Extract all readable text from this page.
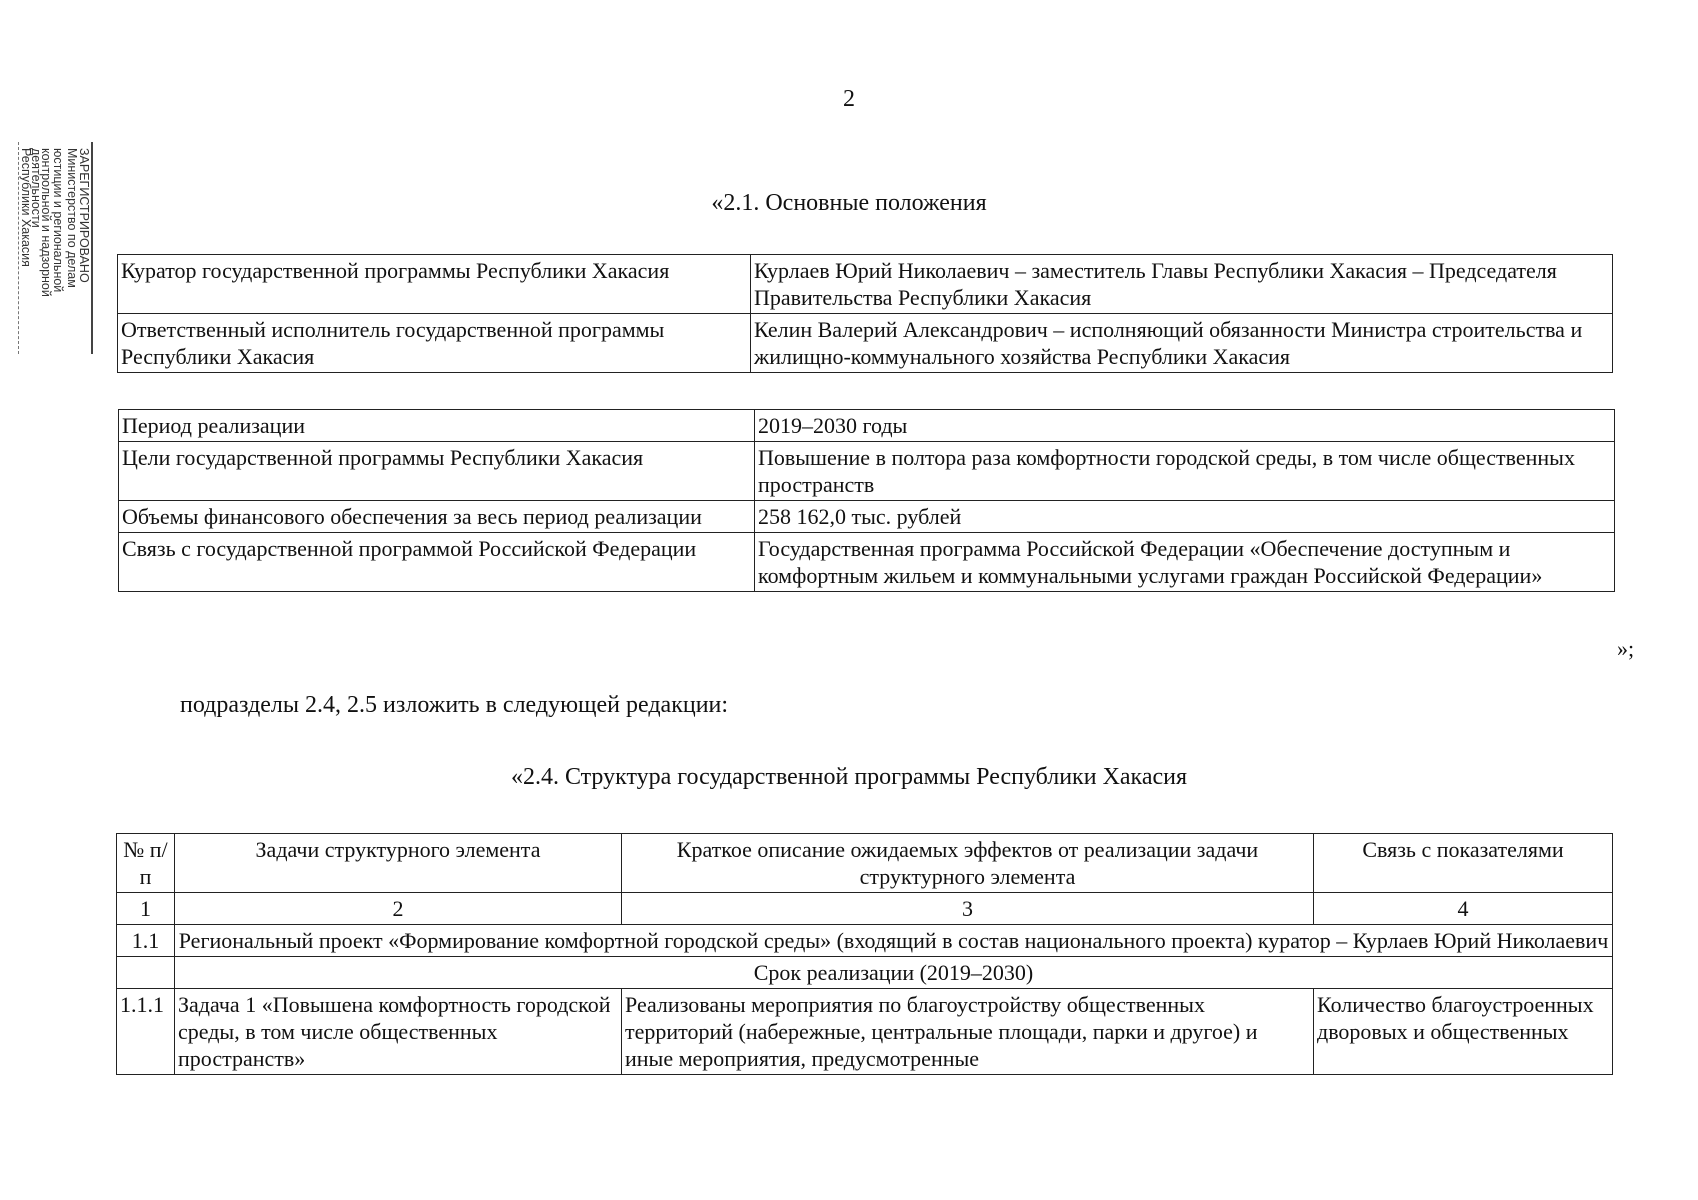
2
Министерство по делам
юстиции и региональной
контрольной и надзорной
деятельности
Республики Хакасия	ЗАРЕГИСТРИРОВАНО	«2.1. Основные положения
Куратор государственной программы Республики Хакасия	Курлаев Юрий Николаевич – заместитель Главы Республики Хакасия – Председателя Правительства Республики Хакасия
Ответственный исполнитель государственной программы Республики Хакасия	Келин Валерий Александрович – исполняющий обязанности Министра строительства и жилищно-коммунального хозяйства Республики Хакасия
Период реализации	2019–2030 годы
Цели государственной программы Республики Хакасия	Повышение в полтора раза комфортности городской среды, в том числе общественных пространств
Объемы финансового обеспечения за весь период реализации	258 162,0 тыс. рублей
Связь с государственной программой Российской Федерации	Государственная программа Российской Федерации «Обеспечение доступным и комфортным жильем и коммунальными услугами граждан Российской Федерации»
»;
подразделы 2.4, 2.5 изложить в следующей редакции:
«2.4. Структура государственной программы Республики Хакасия
№ п/п	Задачи структурного элемента	Краткое описание ожидаемых эффектов от реализации задачи структурного элемента	Связь с показателями
1	2	3	4
1.1	Региональный проект «Формирование комфортной городской среды» (входящий в состав национального проекта) куратор – Курлаев Юрий Николаевич		
	Срок реализации (2019–2030)		
1.1.1	Задача 1 «Повышена комфортность городской среды, в том числе общественных пространств»	Реализованы мероприятия по благоустройству общественных территорий (набережные, центральные площади, парки и другое) и иные мероприятия, предусмотренные	Количество благоустроенных дворовых и общественных
